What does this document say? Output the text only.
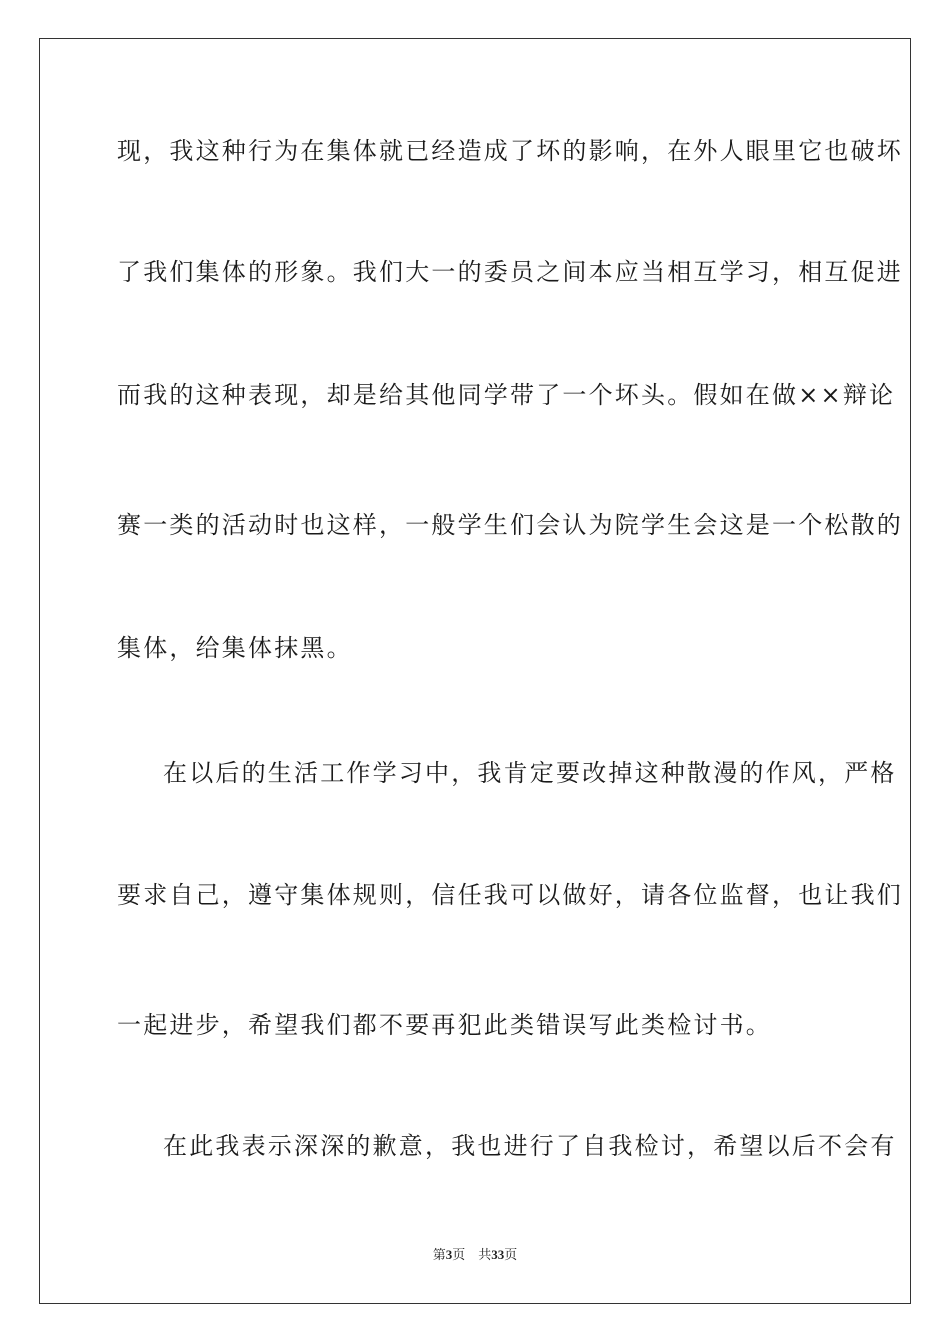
现，我这种行为在集体就已经造成了坏的影响，在外人眼里它也破坏
了我们集体的形象。我们大一的委员之间本应当相互学习，相互促进
而我的这种表现，却是给其他同学带了一个坏头。假如在做××辩论
赛一类的活动时也这样，一般学生们会认为院学生会这是一个松散的
集体，给集体抹黑。
在以后的生活工作学习中，我肯定要改掉这种散漫的作风，严格
要求自己，遵守集体规则，信任我可以做好，请各位监督，也让我们
一起进步，希望我们都不要再犯此类错误写此类检讨书。
在此我表示深深的歉意，我也进行了自我检讨，希望以后不会有
第3页　共33页
